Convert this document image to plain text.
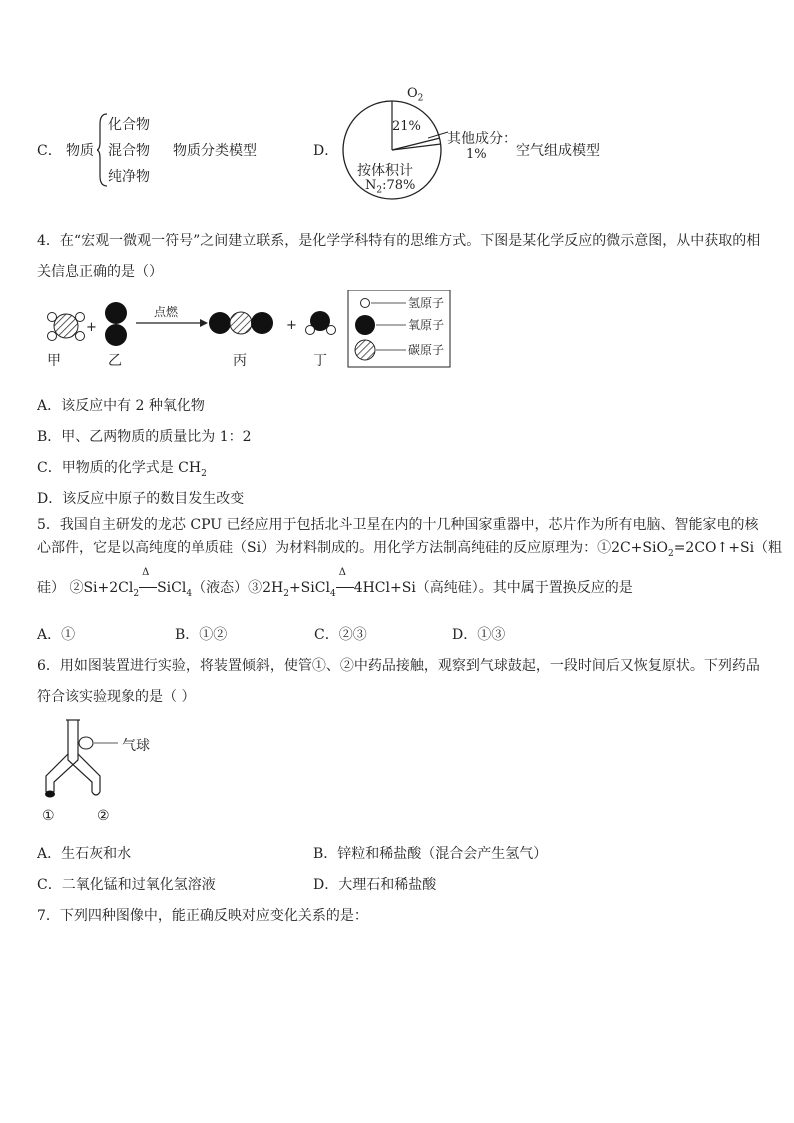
C． 物质
化合物
混合物
纯净物
物质分类模型	D．
$O_2$
21%
其他成分：
1%
按体积计
$N_2:78\%$
空气组成模型
4．在“宏观一微观一符号”之间建立联系，是化学学科特有的思维方式。下图是某化学反应的微示意图，从中获取的相
关信息正确的是（）
+
点燃
+
甲	乙	丙	丁
氢原子
氧原子
碳原子
A．该反应中有 2 种氧化物
B．甲、乙两物质的质量比为 1：2
C．甲物质的化学式是 $CH_2$
D．该反应中原子的数目发生改变
5．我国自主研发的龙芯 CPU 已经应用于包括北斗卫星在内的十几种国家重器中，芯片作为所有电脑、智能家电的核
心部件，它是以高纯度的单质硅（Si）为材料制成的。用化学方法制高纯硅的反应原理为：①2C+SiO$_2$=2CO↑+Si（粗
硅） $②Si+2Cl_2$
Δ
SiCl$_4$（液态）$③2H_2+SiCl_4$
Δ
4HCl+Si（高纯硅）。其中属于置换反应的是
A．①	B．①②	C．②③	D．①③
6．用如图装置进行实验，将装置倾斜，使管①、②中药品接触，观察到气球鼓起，一段时间后又恢复原状。下列药品
符合该实验现象的是（ ）
气球
①	②
A．生石灰和水	B．锌粒和稀盐酸（混合会产生氢气）
C．二氧化锰和过氧化氢溶液	D．大理石和稀盐酸
7．下列四种图像中，能正确反映对应变化关系的是：
